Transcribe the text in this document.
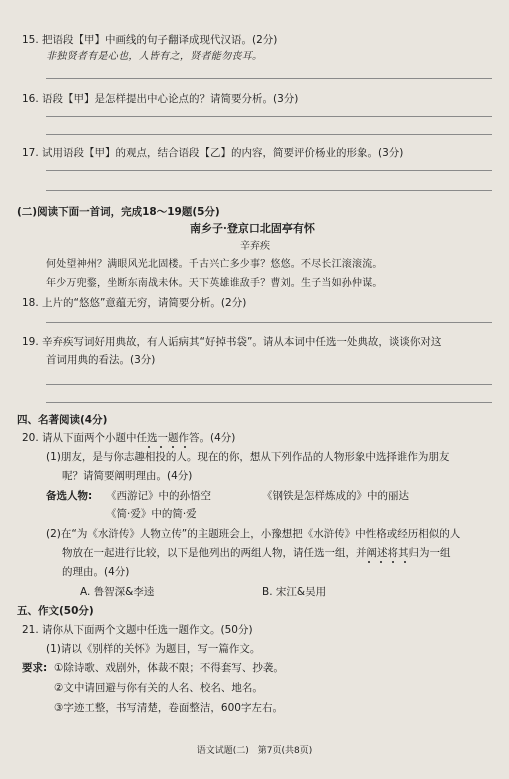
15. 把语段【甲】中画线的句子翻译成现代汉语。(2分)
非独贤者有是心也，人皆有之，贤者能勿丧耳。
16. 语段【甲】是怎样提出中心论点的？请简要分析。(3分)
17. 试用语段【甲】的观点，结合语段【乙】的内容，简要评价杨业的形象。(3分)
(二)阅读下面一首词，完成18～19题(5分)
南乡子·登京口北固亭有怀
辛弃疾
何处望神州？满眼风光北固楼。千古兴亡多少事？悠悠。不尽长江滚滚流。
年少万兜鍪，坐断东南战未休。天下英雄谁敌手？曹刘。生子当如孙仲谋。
18. 上片的“悠悠”意蕴无穷，请简要分析。(2分)
19. 辛弃疾写词好用典故，有人诟病其“好掉书袋”。请从本词中任选一处典故，谈谈你对这
首词用典的看法。(3分)
四、名著阅读(4分)
20. 请从下面两个小题中任选一题作答。(4分)
(1)朋友，是与你志趣相投的人。现在的你，想从下列作品的人物形象中选择谁作为朋友
呢？请简要阐明理由。(4分)
备选人物: 《西游记》中的孙悟空	《钢铁是怎样炼成的》中的丽达
《简·爱》中的简·爱
(2)在“为《水浒传》人物立传”的主题班会上，小豫想把《水浒传》中性格或经历相似的人
物放在一起进行比较，以下是他列出的两组人物，请任选一组，并阐述将其归为一组
的理由。(4分)
A. 鲁智深&李逵	B. 宋江&吴用
五、作文(50分)
21. 请你从下面两个文题中任选一题作文。(50分)
(1)请以《别样的关怀》为题目，写一篇作文。
要求: ①除诗歌、戏剧外，体裁不限；不得套写、抄袭。
②文中请回避与你有关的人名、校名、地名。
③字迹工整，书写清楚，卷面整洁，600字左右。
语文试题(二)　第7页(共8页)
